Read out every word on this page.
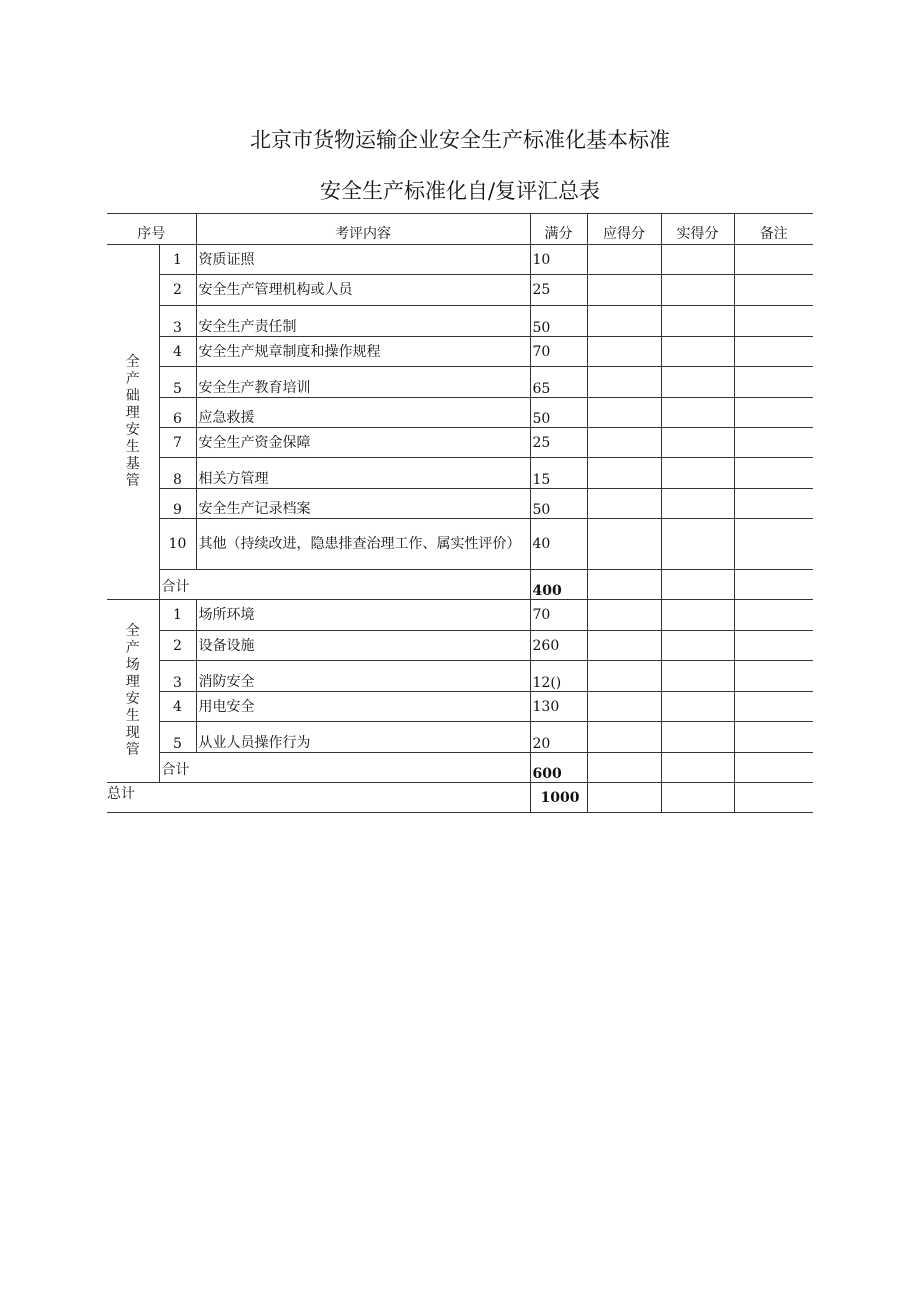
北京市货物运输企业安全生产标准化基本标准
安全生产标准化自/复评汇总表
序号		考评内容	满分	应得分	实得分	备注
全产础理安生基管	1	资质证照	10			
	2	安全生产管理机构或人员	25			
	3	安全生产责任制	50			
	4	安全生产规章制度和操作规程	70			
	5	安全生产教育培训	65			
	6	应急救援	50			
	7	安全生产资金保障	25			
	8	相关方管理	15			
	9	安全生产记录档案	50			
	10	其他（持续改进，隐患排查治理工作、属实性评价）	40			
	合计		400			
全产场理安生现管	1	场所环境	70			
	2	设备设施	260			
	3	消防安全	12()			
	4	用电安全	130			
	5	从业人员操作行为	20			
	合计		600			
总计			1000			
